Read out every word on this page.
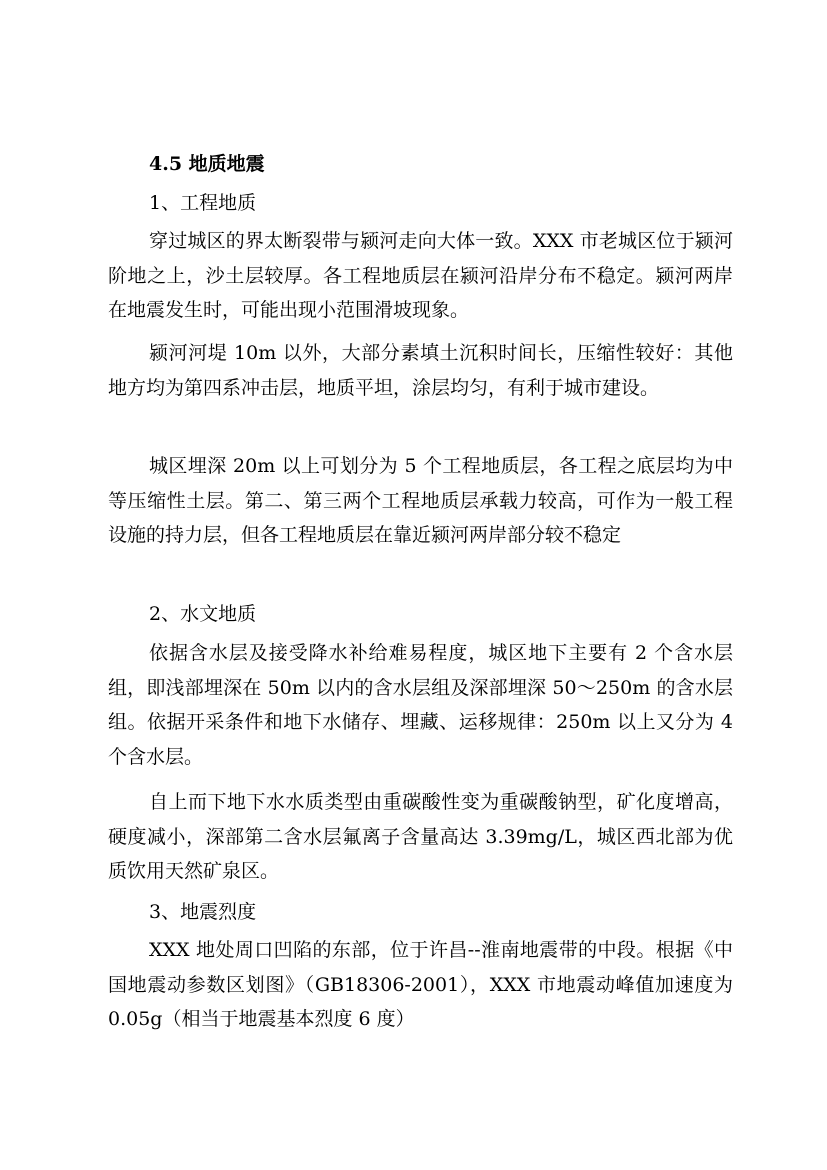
4.5 地质地震
1、工程地质

穿过城区的界太断裂带与颍河走向大体一致。XXX 市老城区位于颍河阶地之上，沙土层较厚。各工程地质层在颍河沿岸分布不稳定。颍河两岸在地震发生时，可能出现小范围滑坡现象。

颍河河堤 10m 以外，大部分素填土沉积时间长，压缩性较好：其他地方均为第四系冲击层，地质平坦，涂层均匀，有利于城市建设。

城区埋深 20m 以上可划分为 5 个工程地质层，各工程之底层均为中等压缩性土层。第二、第三两个工程地质层承载力较高，可作为一般工程设施的持力层，但各工程地质层在靠近颍河两岸部分较不稳定

2、水文地质

依据含水层及接受降水补给难易程度，城区地下主要有 2 个含水层组，即浅部埋深在 50m 以内的含水层组及深部埋深 50～250m 的含水层组。依据开采条件和地下水储存、埋藏、运移规律：250m 以上又分为 4 个含水层。

自上而下地下水水质类型由重碳酸性变为重碳酸钠型，矿化度增高，硬度减小，深部第二含水层氟离子含量高达 3.39mg/L，城区西北部为优质饮用天然矿泉区。

3、地震烈度

XXX 地处周口凹陷的东部，位于许昌--淮南地震带的中段。根据《中国地震动参数区划图》（GB18306-2001），XXX 市地震动峰值加速度为 0.05g（相当于地震基本烈度 6 度）
